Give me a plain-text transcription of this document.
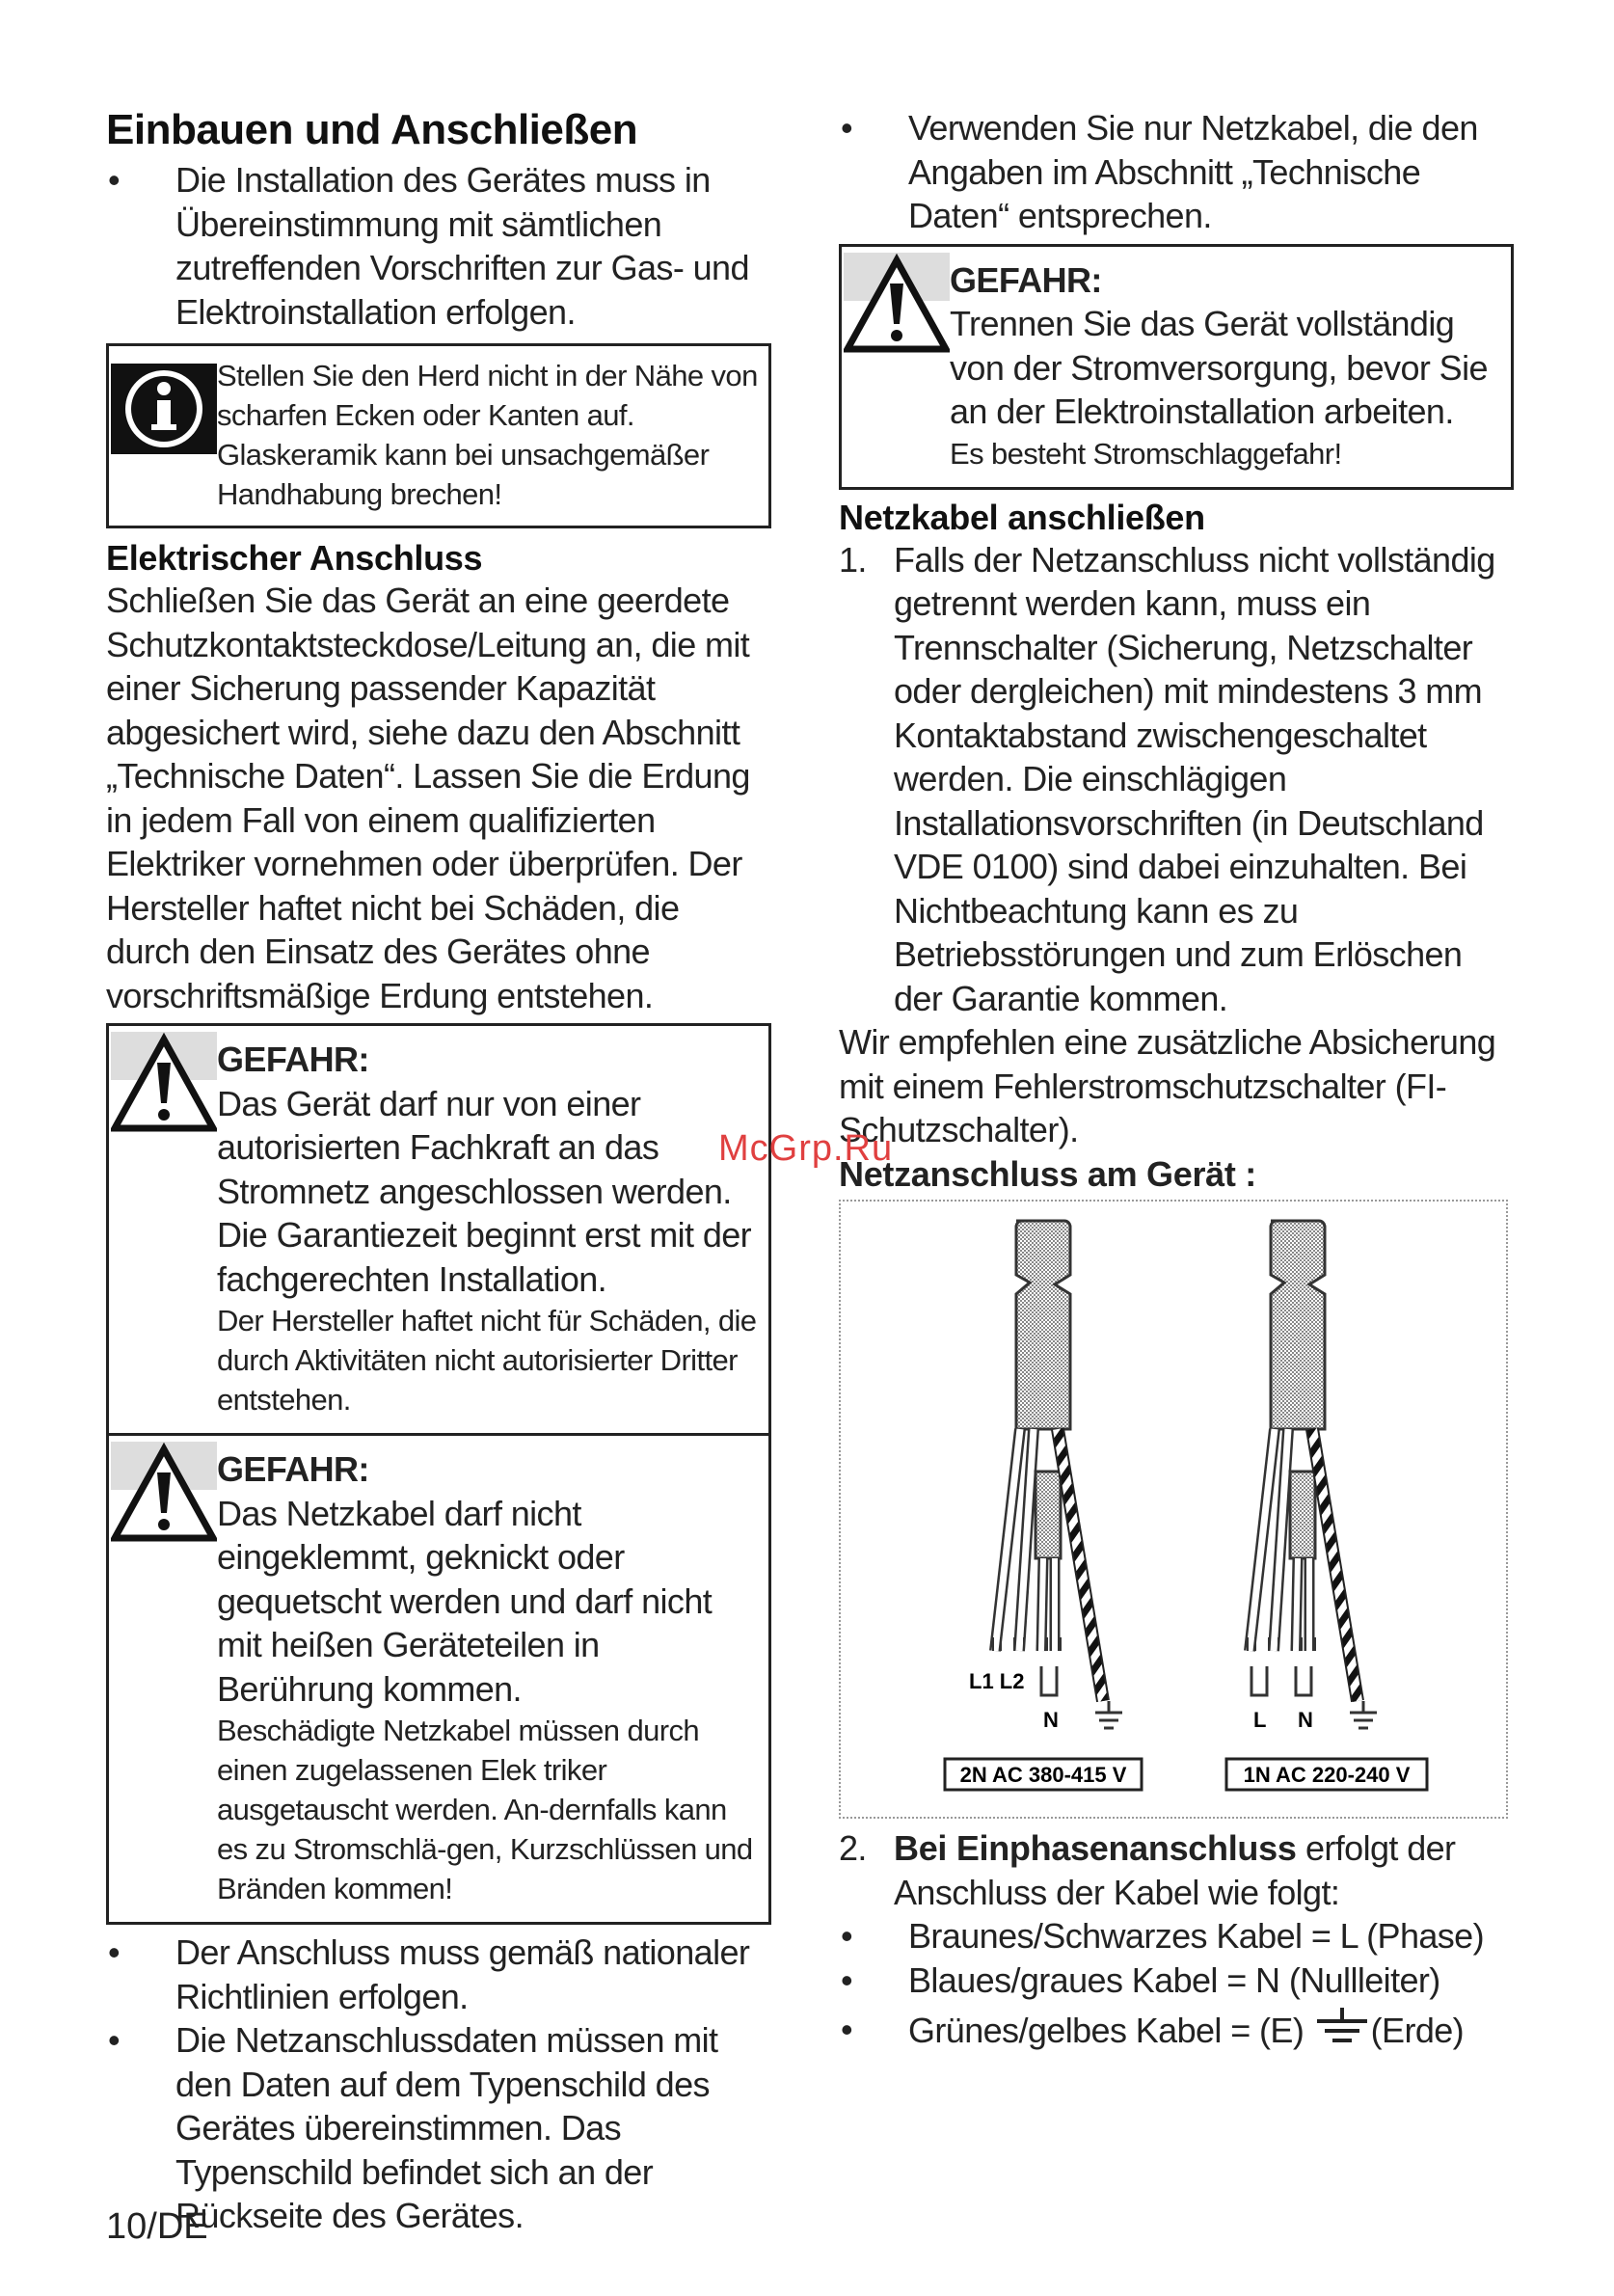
Einbauen und Anschließen
• Die Installation des Gerätes muss in Übereinstimmung mit sämtlichen zutreffenden Vorschriften zur Gas- und Elektroinstallation erfolgen.
Stellen Sie den Herd nicht in der Nähe von scharfen Ecken oder Kanten auf. Glaskeramik kann bei unsachgemäßer Handhabung brechen!
Elektrischer Anschluss
Schließen Sie das Gerät an eine geerdete Schutzkontaktsteckdose/Leitung an, die mit einer Sicherung passender Kapazität abgesichert wird, siehe dazu den Abschnitt „Technische Daten“. Lassen Sie die Erdung in jedem Fall von einem qualifizierten Elektriker vornehmen oder überprüfen. Der Hersteller haftet nicht bei Schäden, die durch den Einsatz des Gerätes ohne vorschriftsmäßige Erdung entstehen.
GEFAHR:
Das Gerät darf nur von einer autorisierten Fachkraft an das Stromnetz angeschlossen werden. Die Garantiezeit beginnt erst mit der fachgerechten Installation.
Der Hersteller haftet nicht für Schäden, die durch Aktivitäten nicht autorisierter Dritter entstehen.
GEFAHR:
Das Netzkabel darf nicht eingeklemmt, geknickt oder gequetscht werden und darf nicht mit heißen Geräteteilen in Berührung kommen.
Beschädigte Netzkabel müssen durch einen zugelassenen Elek triker ausgetauscht werden. An-dernfalls kann es zu Stromschlä-gen, Kurzschlüssen und Bränden kommen!
• Der Anschluss muss gemäß nationaler Richtlinien erfolgen.
• Die Netzanschlussdaten müssen mit den Daten auf dem Typenschild des Gerätes übereinstimmen. Das Typenschild befindet sich an der Rückseite des Gerätes.
• Verwenden Sie nur Netzkabel, die den Angaben im Abschnitt „Technische Daten“ entsprechen.
GEFAHR:
Trennen Sie das Gerät vollständig von der Stromversorgung, bevor Sie an der Elektroinstallation arbeiten.
Es besteht Stromschlaggefahr!
Netzkabel anschließen
1. Falls der Netzanschluss nicht vollständig getrennt werden kann, muss ein Trennschalter (Sicherung, Netzschalter oder dergleichen) mit mindestens 3 mm Kontaktabstand zwischengeschaltet werden. Die einschlägigen Installationsvorschriften (in Deutschland VDE 0100) sind dabei einzuhalten. Bei Nichtbeachtung kann es zu Betriebsstörungen und zum Erlöschen der Garantie kommen.
Wir empfehlen eine zusätzliche Absicherung mit einem Fehlerstromschutzschalter (FI-Schutzschalter).
Netzanschluss am Gerät :
L1 L2
N
2N AC 380-415 V
L N
1N AC 220-240 V
2. Bei Einphasenanschluss erfolgt der Anschluss der Kabel wie folgt:
• Braunes/Schwarzes Kabel = L (Phase)
• Blaues/graues Kabel = N (Nullleiter)
• Grünes/gelbes Kabel = (E) (Erde)
McGrp.Ru
10/DE
